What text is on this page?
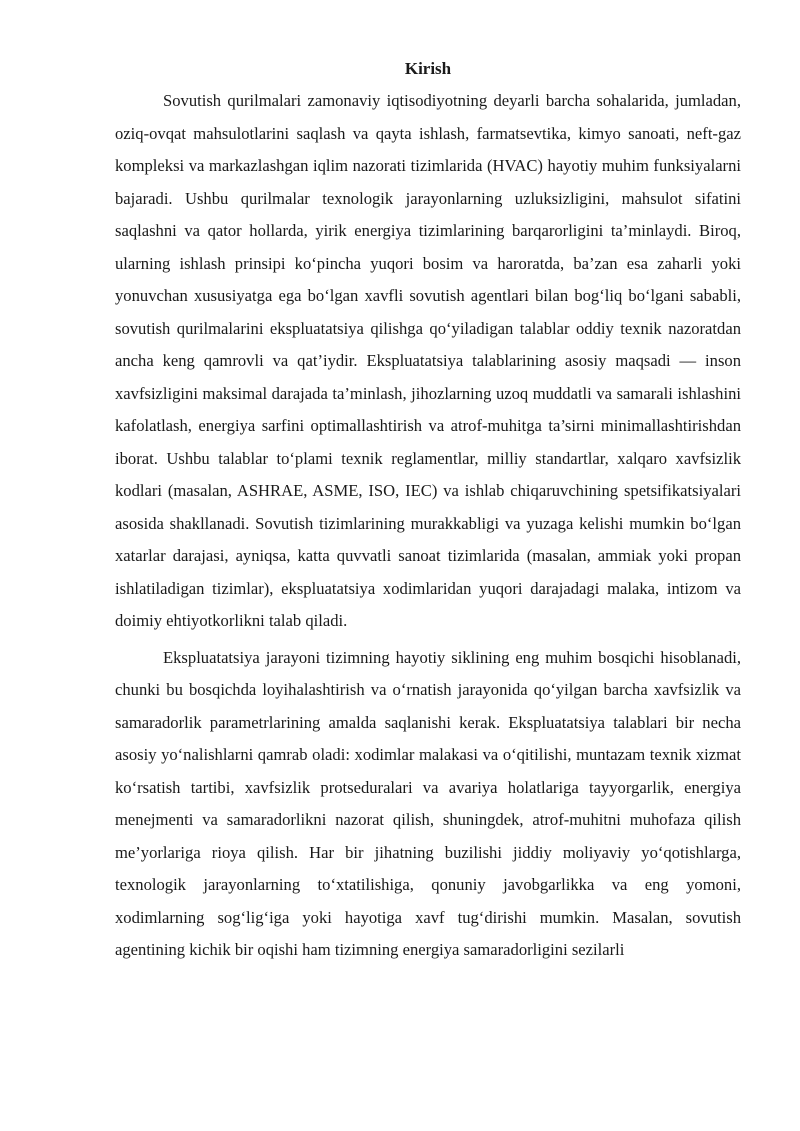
Kirish

Sovutish qurilmalari zamonaviy iqtisodiyotning deyarli barcha sohalarida, jumladan, oziq-ovqat mahsulotlarini saqlash va qayta ishlash, farmatsevtika, kimyo sanoati, neft-gaz kompleksi va markazlashgan iqlim nazorati tizimlarida (HVAC) hayotiy muhim funksiyalarni bajaradi. Ushbu qurilmalar texnologik jarayonlarning uzluksizligini, mahsulot sifatini saqlashni va qator hollarda, yirik energiya tizimlarining barqarorligini ta’minlaydi. Biroq, ularning ishlash prinsipi ko‘pincha yuqori bosim va haroratda, ba’zan esa zaharli yoki yonuvchan xususiyatga ega bo‘lgan xavfli sovutish agentlari bilan bog‘liq bo‘lgani sababli, sovutish qurilmalarini ekspluatatsiya qilishga qo‘yiladigan talablar oddiy texnik nazoratdan ancha keng qamrovli va qat’iydir. Ekspluatatsiya talablarining asosiy maqsadi — inson xavfsizligini maksimal darajada ta’minlash, jihozlarning uzoq muddatli va samarali ishlashini kafolatlash, energiya sarfini optimallashtirish va atrof-muhitga ta’sirni minimallashtirishdan iborat. Ushbu talablar to‘plami texnik reglamentlar, milliy standartlar, xalqaro xavfsizlik kodlari (masalan, ASHRAE, ASME, ISO, IEC) va ishlab chiqaruvchining spetsifikatsiyalari asosida shakllanadi. Sovutish tizimlarining murakkabligi va yuzaga kelishi mumkin bo‘lgan xatarlar darajasi, ayniqsa, katta quvvatli sanoat tizimlarida (masalan, ammiak yoki propan ishlatiladigan tizimlar), ekspluatatsiya xodimlaridan yuqori darajadagi malaka, intizom va doimiy ehtiyotkorlikni talab qiladi.

Ekspluatatsiya jarayoni tizimning hayotiy siklining eng muhim bosqichi hisoblanadi, chunki bu bosqichda loyihalashtirish va o‘rnatish jarayonida qo‘yilgan barcha xavfsizlik va samaradorlik parametrlarining amalda saqlanishi kerak. Ekspluatatsiya talablari bir necha asosiy yo‘nalishlarni qamrab oladi: xodimlar malakasi va o‘qitilishi, muntazam texnik xizmat ko‘rsatish tartibi, xavfsizlik protseduralari va avariya holatlariga tayyorgarlik, energiya menejmenti va samaradorlikni nazorat qilish, shuningdek, atrof-muhitni muhofaza qilish me’yorlariga rioya qilish. Har bir jihatning buzilishi jiddiy moliyaviy yo‘qotishlarga, texnologik jarayonlarning to‘xtatilishiga, qonuniy javobgarlikka va eng yomoni, xodimlarning sog‘lig‘iga yoki hayotiga xavf tug‘dirishi mumkin. Masalan, sovutish agentining kichik bir oqishi ham tizimning energiya samaradorligini sezilarli
